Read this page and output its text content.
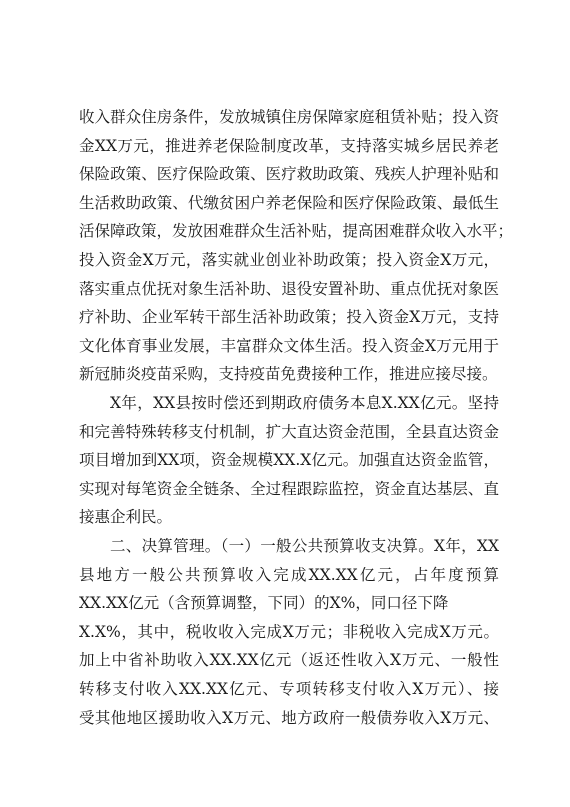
收入群众住房条件，发放城镇住房保障家庭租赁补贴；投入资
金XX万元，推进养老保险制度改革，支持落实城乡居民养老
保险政策、医疗保险政策、医疗救助政策、残疾人护理补贴和
生活救助政策、代缴贫困户养老保险和医疗保险政策、最低生
活保障政策，发放困难群众生活补贴，提高困难群众收入水平；
投入资金X万元，落实就业创业补助政策；投入资金X万元，
落实重点优抚对象生活补助、退役安置补助、重点优抚对象医
疗补助、企业军转干部生活补助政策；投入资金X万元，支持
文化体育事业发展，丰富群众文体生活。投入资金X万元用于
新冠肺炎疫苗采购，支持疫苗免费接种工作，推进应接尽接。
X年，XX县按时偿还到期政府债务本息X.XX亿元。坚持
和完善特殊转移支付机制，扩大直达资金范围，全县直达资金
项目增加到XX项，资金规模XX.X亿元。加强直达资金监管，
实现对每笔资金全链条、全过程跟踪监控，资金直达基层、直
接惠企利民。
二、决算管理。（一）一般公共预算收支决算。X年，XX
县地方一般公共预算收入完成XX.XX亿元，占年度预算
XX.XX亿元（含预算调整，下同）的X%，同口径下降
X.X%，其中，税收收入完成X万元；非税收入完成X万元。
加上中省补助收入XX.XX亿元（返还性收入X万元、一般性
转移支付收入XX.XX亿元、专项转移支付收入X万元）、接
受其他地区援助收入X万元、地方政府一般债券收入X万元、
